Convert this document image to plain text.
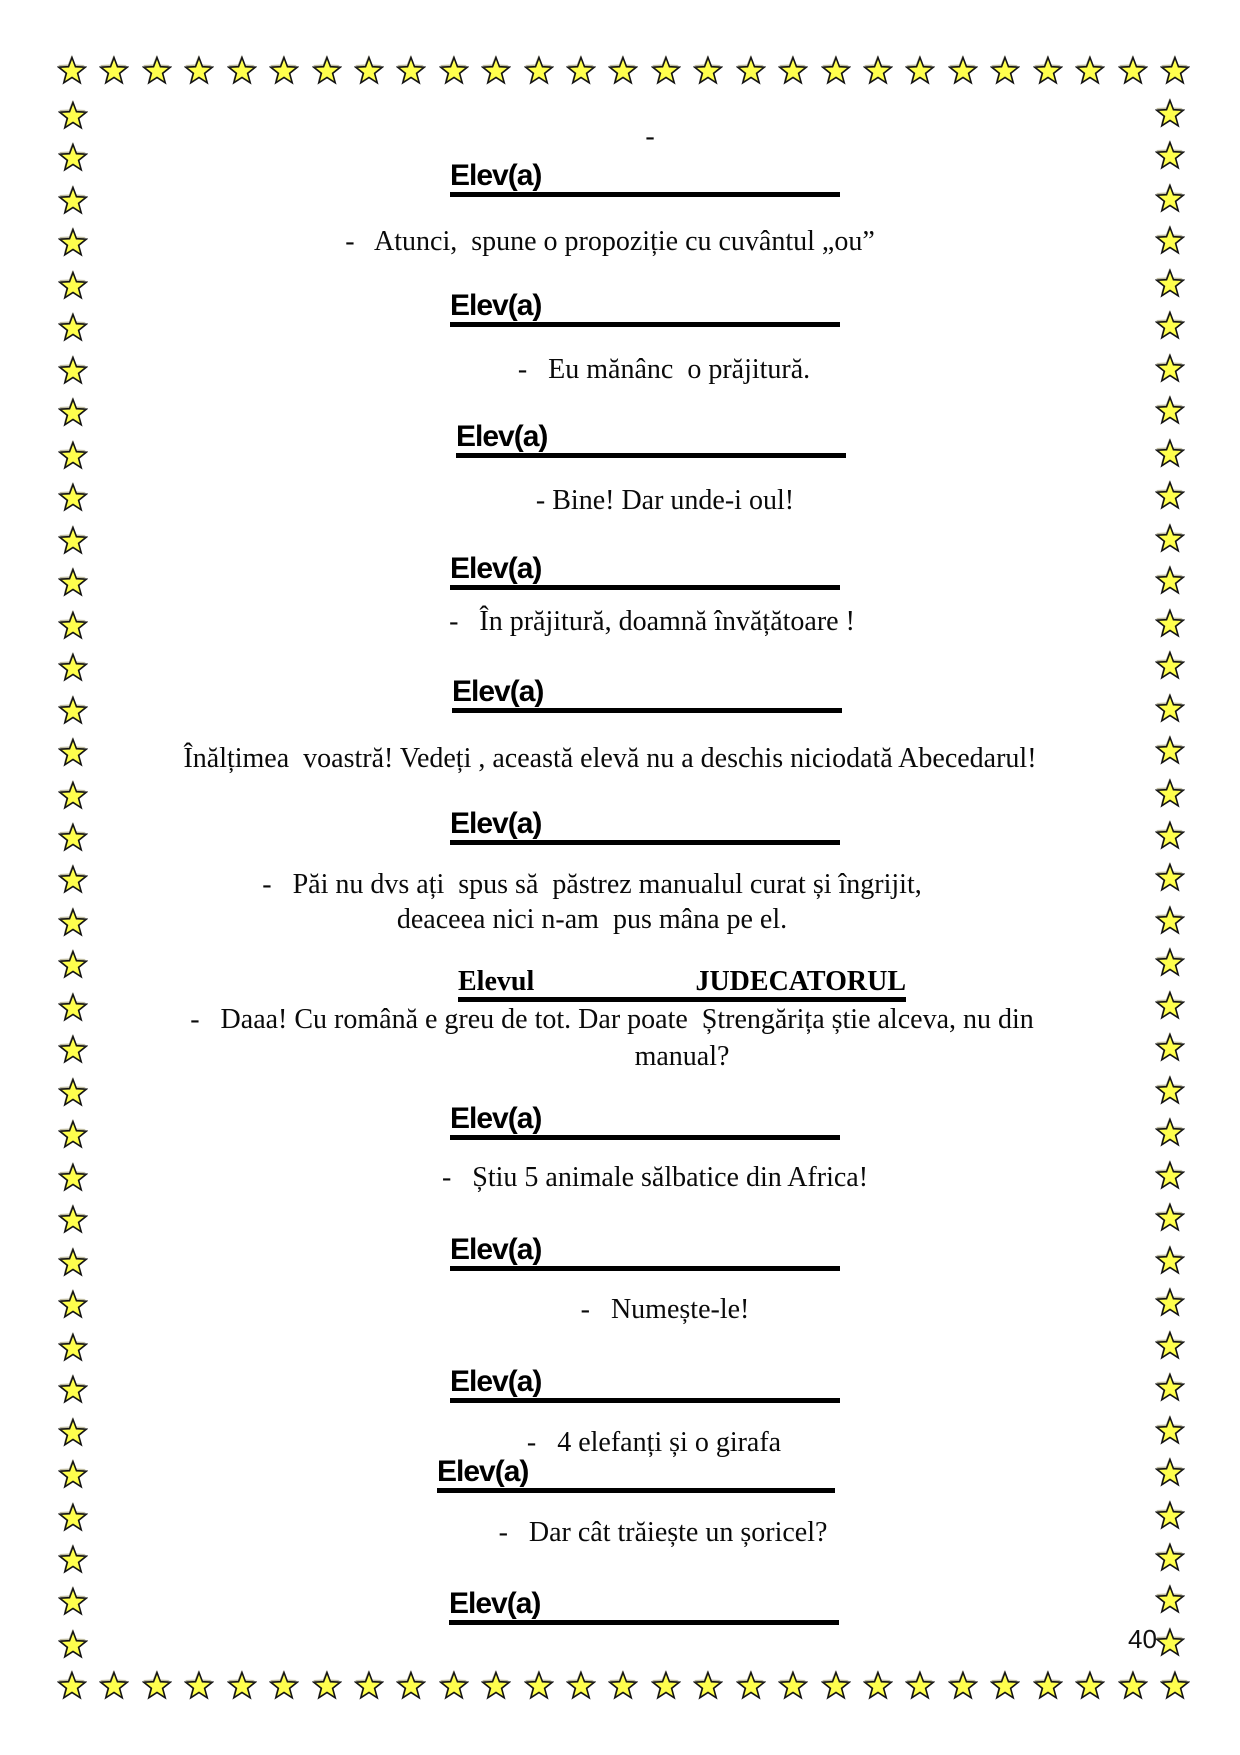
-
Elev(a)
-   Atunci,  spune o propoziție cu cuvântul „ou”
Elev(a)
-   Eu mănânc  o prăjitură.
Elev(a)
- Bine! Dar unde-i oul!
Elev(a)
-   În prăjitură, doamnă învățătoare !
Elev(a)
Înălțimea  voastră! Vedeți , această elevă nu a deschis niciodată Abecedarul!
Elev(a)
-   Păi nu dvs ați  spus să  păstrez manualul curat și îngrijit,
deaceea nici n-am  pus mâna pe el.
Elevul	JUDECATORUL
-   Daaa! Cu română e greu de tot. Dar poate  Ștrengărița știe alceva, nu din
manual?
Elev(a)
-   Știu 5 animale sălbatice din Africa!
Elev(a)
-   Numește-le!
Elev(a)
-   4 elefanți și o girafa
Elev(a)
-   Dar cât trăiește un șoricel?
Elev(a)
40
